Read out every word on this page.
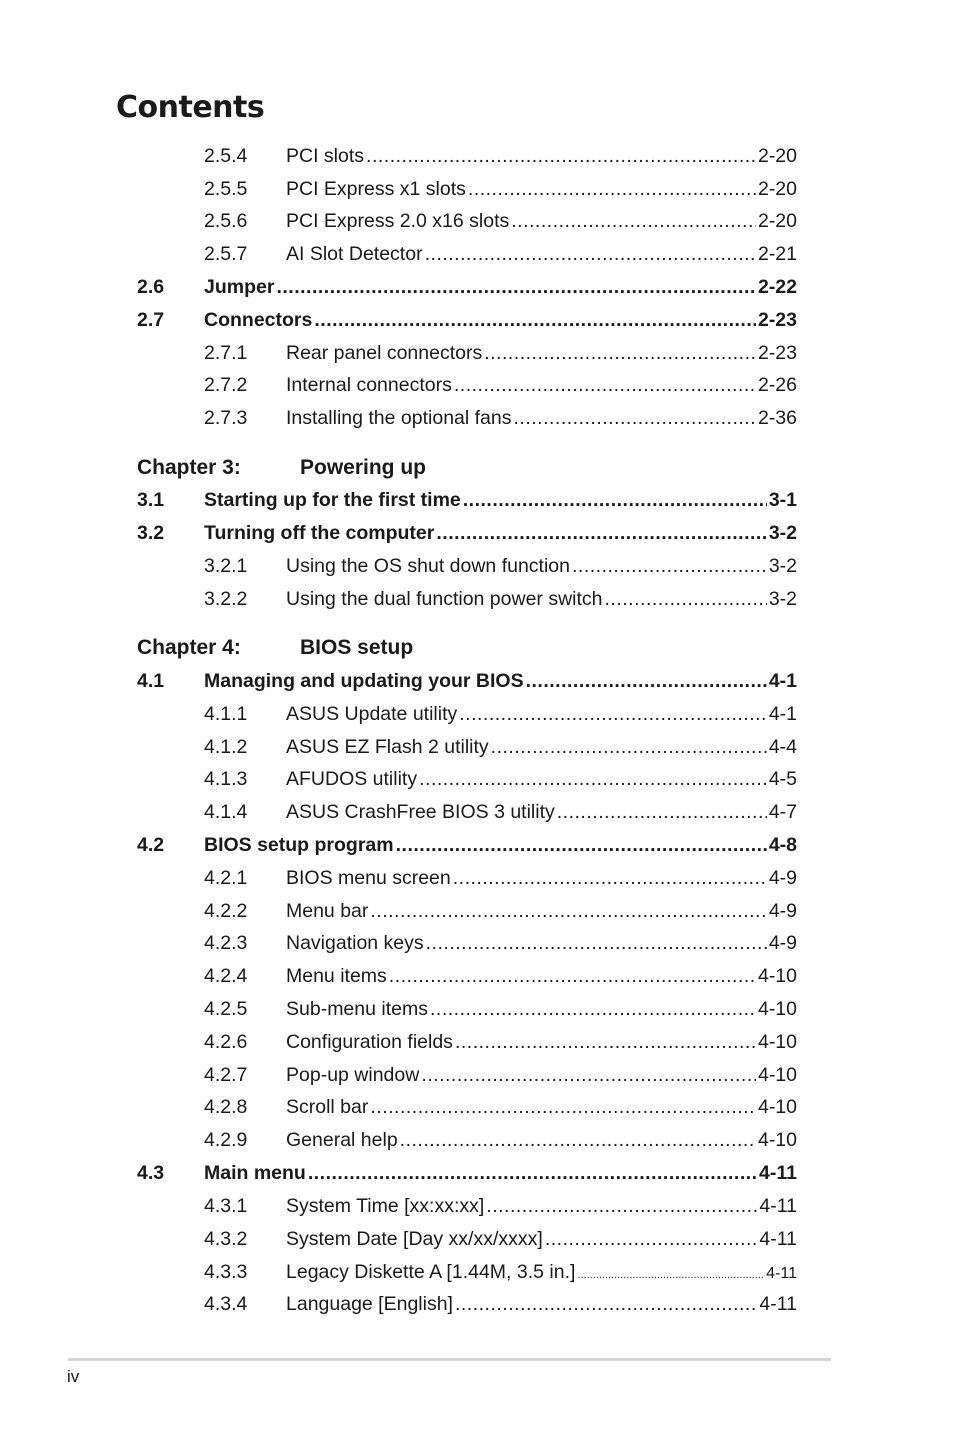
Contents
2.5.4 PCI slots .....	2-20
2.5.5 PCI Express x1 slots .....	2-20
2.5.6 PCI Express 2.0 x16 slots .....	2-20
2.5.7 AI Slot Detector .....	2-21
2.6 Jumper .....	2-22
2.7 Connectors .....	2-23
2.7.1 Rear panel connectors .....	2-23
2.7.2 Internal connectors .....	2-26
2.7.3 Installing the optional fans .....	2-36
Chapter 3:	Powering up
3.1 Starting up for the first time .....	3-1
3.2 Turning off the computer .....	3-2
3.2.1 Using the OS shut down function .....	3-2
3.2.2 Using the dual function power switch .....	3-2
Chapter 4:	BIOS setup
4.1 Managing and updating your BIOS .....	4-1
4.1.1 ASUS Update utility .....	4-1
4.1.2 ASUS EZ Flash 2 utility .....	4-4
4.1.3 AFUDOS utility .....	4-5
4.1.4 ASUS CrashFree BIOS 3 utility .....	4-7
4.2 BIOS setup program .....	4-8
4.2.1 BIOS menu screen .....	4-9
4.2.2 Menu bar .....	4-9
4.2.3 Navigation keys .....	4-9
4.2.4 Menu items .....	4-10
4.2.5 Sub-menu items .....	4-10
4.2.6 Configuration fields .....	4-10
4.2.7 Pop-up window .....	4-10
4.2.8 Scroll bar .....	4-10
4.2.9 General help .....	4-10
4.3 Main menu .....	4-11
4.3.1 System Time [xx:xx:xx] .....	4-11
4.3.2 System Date [Day xx/xx/xxxx] .....	4-11
4.3.3 Legacy Diskette A [1.44M, 3.5 in.] .....	4-11
4.3.4 Language [English] .....	4-11
iv
